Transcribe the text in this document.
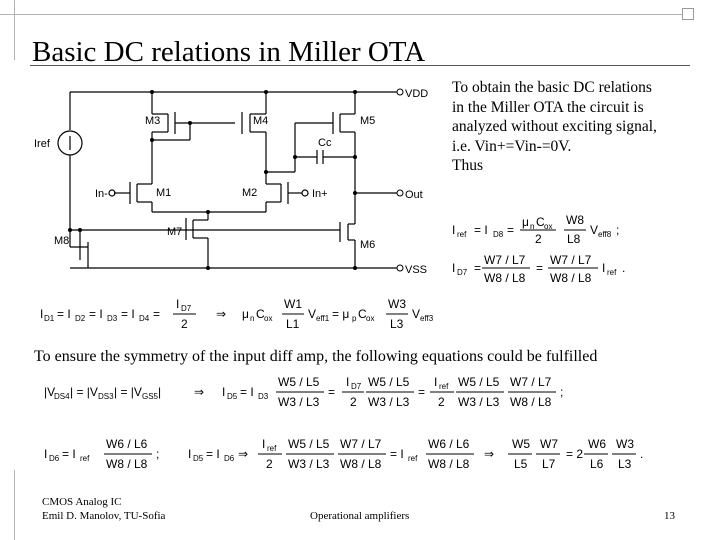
Basic DC relations in Miller OTA
VDD
VSS
Out
M3	M4	M5
Cc
Iref
In-	M1	M2	In+
M7
M8	M6
To obtain the basic DC relations
in the Miller OTA the circuit is
analyzed without exciting signal,
i.e. Vin+=Vin-=0V.
Thus
I ref = I D8 =
μ n C ox
2
W8
L8
V eff8 ;
I D7 =
W7 / L7
W8 / L8
=
W7 / L7
W8 / L8
I ref .
I D1 = I D2 = I D3 = I D4 =
I D7
2
⇒ μ n C ox
W1
L1
V eff1 = μ p C ox
W3
L3
V eff3
To ensure the symmetry of the input diff amp, the following equations could be fulfilled
|V
DS4 | = |V DS3 | = |V GS5 |	⇒ I D5 = I D3
W5 / L5
W3 / L3
=
I D7
2
W5 / L5
W3 / L3
=
I ref
2
W5 / L5
W3 / L3
W7 / L7
W8 / L8
;
I D6 = I ref
W6 / L6
W8 / L8
; I D5 = I D6 ⇒
I ref
2
W5 / L5
W3 / L3
W7 / L7
W8 / L8
= I ref
W6 / L6
W8 / L8
⇒
W5
L5
W7
L7
= 2
W6
L6
W3
L3
.
CMOS Analog IC
Emil D. Manolov, TU-Sofia	Operational amplifiers	13
